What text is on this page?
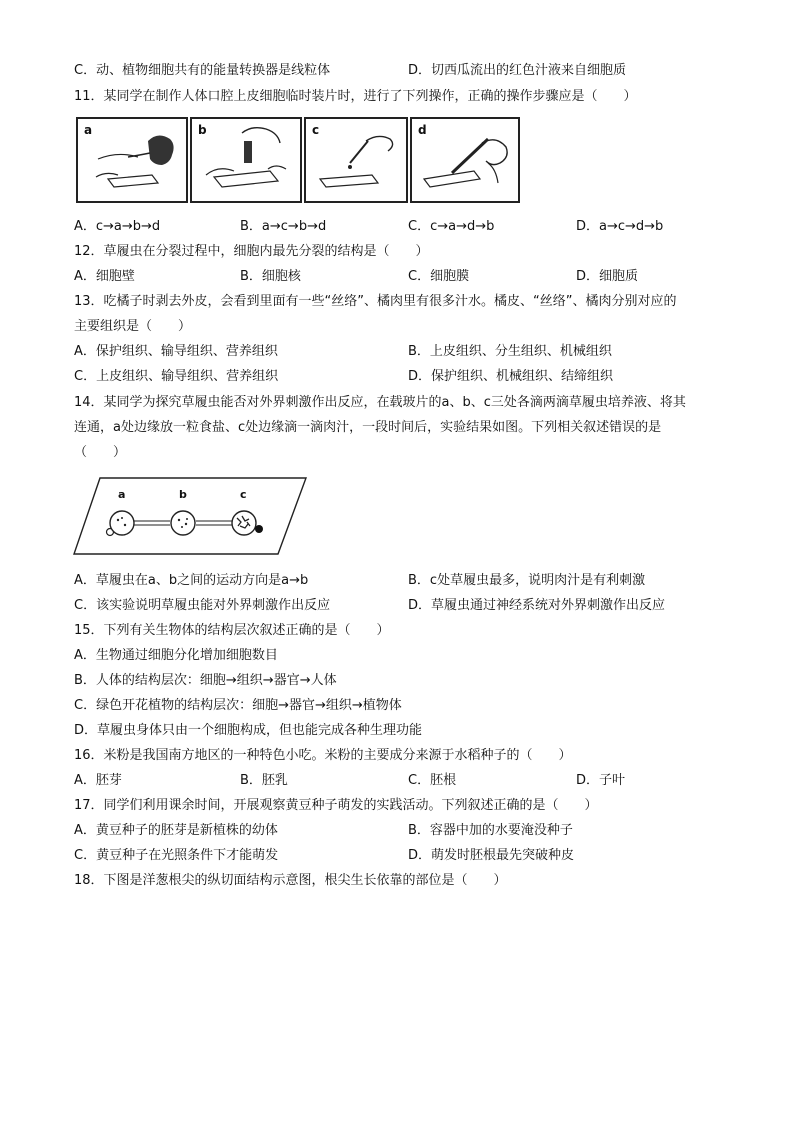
C．动、植物细胞共有的能量转换器是线粒体	D．切西瓜流出的红色汁液来自细胞质
11．某同学在制作人体口腔上皮细胞临时装片时，进行了下列操作，正确的操作步骤应是（　　）
a	b	c	d
A．c→a→b→d	B．a→c→b→d	C．c→a→d→b	D．a→c→d→b
12．草履虫在分裂过程中，细胞内最先分裂的结构是（　　）
A．细胞壁	B．细胞核	C．细胞膜	D．细胞质
13．吃橘子时剥去外皮，会看到里面有一些“丝络”、橘肉里有很多汁水。橘皮、“丝络”、橘肉分别对应的
主要组织是（　　）
A．保护组织、输导组织、营养组织	B．上皮组织、分生组织、机械组织
C．上皮组织、输导组织、营养组织	D．保护组织、机械组织、结缔组织
14．某同学为探究草履虫能否对外界刺激作出反应，在载玻片的a、b、c三处各滴两滴草履虫培养液、将其
连通，a处边缘放一粒食盐、c处边缘滴一滴肉汁，一段时间后，实验结果如图。下列相关叙述错误的是
（　　）
a	b	c
A．草履虫在a、b之间的运动方向是a→b	B．c处草履虫最多，说明肉汁是有利刺激
C．该实验说明草履虫能对外界刺激作出反应	D．草履虫通过神经系统对外界刺激作出反应
15．下列有关生物体的结构层次叙述正确的是（　　）
A．生物通过细胞分化增加细胞数目
B．人体的结构层次：细胞→组织→器官→人体
C．绿色开花植物的结构层次：细胞→器官→组织→植物体
D．草履虫身体只由一个细胞构成，但也能完成各种生理功能
16．米粉是我国南方地区的一种特色小吃。米粉的主要成分来源于水稻种子的（　　）
A．胚芽	B．胚乳	C．胚根	D．子叶
17．同学们利用课余时间，开展观察黄豆种子萌发的实践活动。下列叙述正确的是（　　）
A．黄豆种子的胚芽是新植株的幼体	B．容器中加的水要淹没种子
C．黄豆种子在光照条件下才能萌发	D．萌发时胚根最先突破种皮
18．下图是洋葱根尖的纵切面结构示意图，根尖生长依靠的部位是（　　）
